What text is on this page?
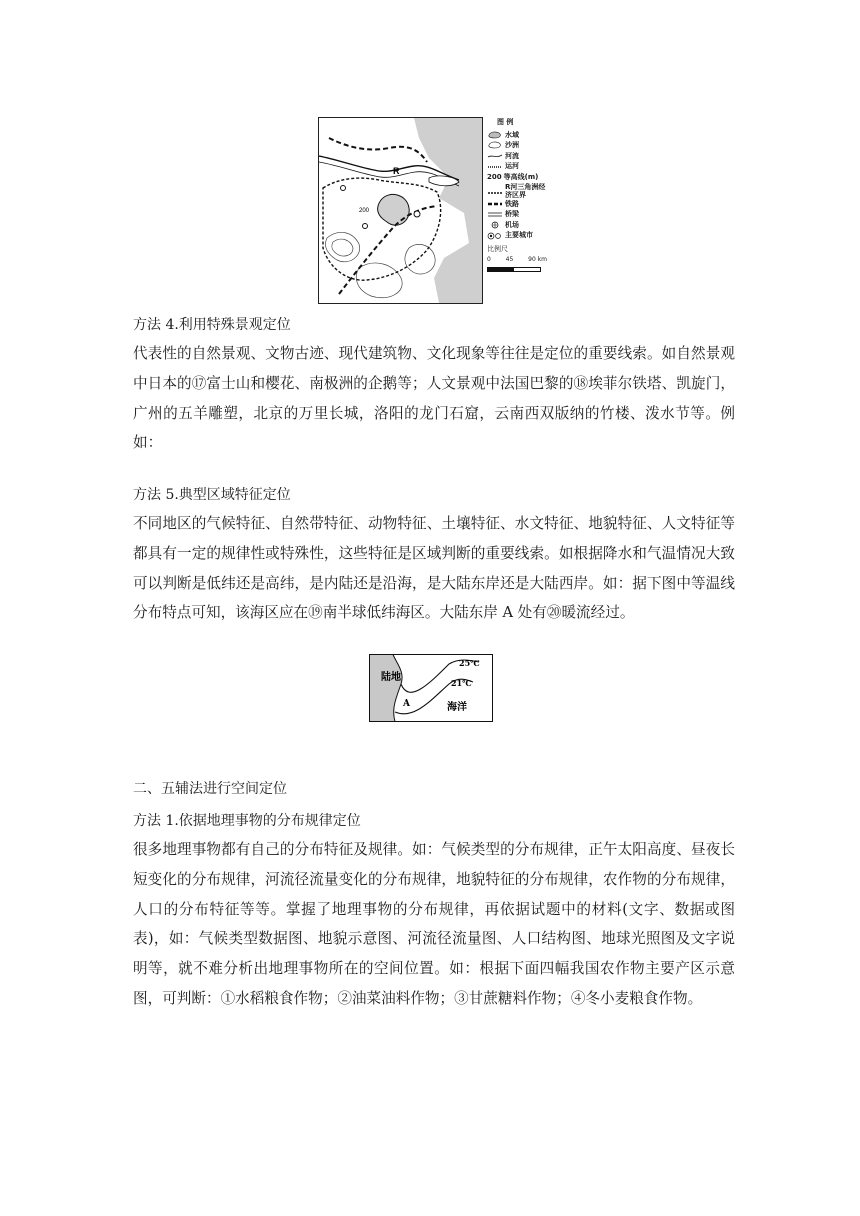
R
200
图 例
水域
沙洲
河流
运河
200 等高线(m)
R河三角洲经济区界
铁路
桥梁
机场
主要城市
比例尺
0 45 90 km
方法 4.利用特殊景观定位
代表性的自然景观、文物古迹、现代建筑物、文化现象等往往是定位的重要线索。如自然景观中日本的⑰富士山和樱花、南极洲的企鹅等；人文景观中法国巴黎的⑱埃菲尔铁塔、凯旋门，广州的五羊雕塑，北京的万里长城，洛阳的龙门石窟，云南西双版纳的竹楼、泼水节等。例如：
方法 5.典型区域特征定位
不同地区的气候特征、自然带特征、动物特征、土壤特征、水文特征、地貌特征、人文特征等都具有一定的规律性或特殊性，这些特征是区域判断的重要线索。如根据降水和气温情况大致可以判断是低纬还是高纬，是内陆还是沿海，是大陆东岸还是大陆西岸。如：据下图中等温线分布特点可知，该海区应在⑲南半球低纬海区。大陆东岸 A 处有⑳暖流经过。
陆地
A	海洋
25℃
21℃
二、五辅法进行空间定位
方法 1.依据地理事物的分布规律定位
很多地理事物都有自己的分布特征及规律。如：气候类型的分布规律，正午太阳高度、昼夜长短变化的分布规律，河流径流量变化的分布规律，地貌特征的分布规律，农作物的分布规律，人口的分布特征等等。掌握了地理事物的分布规律，再依据试题中的材料(文字、数据或图表)，如：气候类型数据图、地貌示意图、河流径流量图、人口结构图、地球光照图及文字说明等，就不难分析出地理事物所在的空间位置。如：根据下面四幅我国农作物主要产区示意图，可判断：①水稻粮食作物；②油菜油料作物；③甘蔗糖料作物；④冬小麦粮食作物。
